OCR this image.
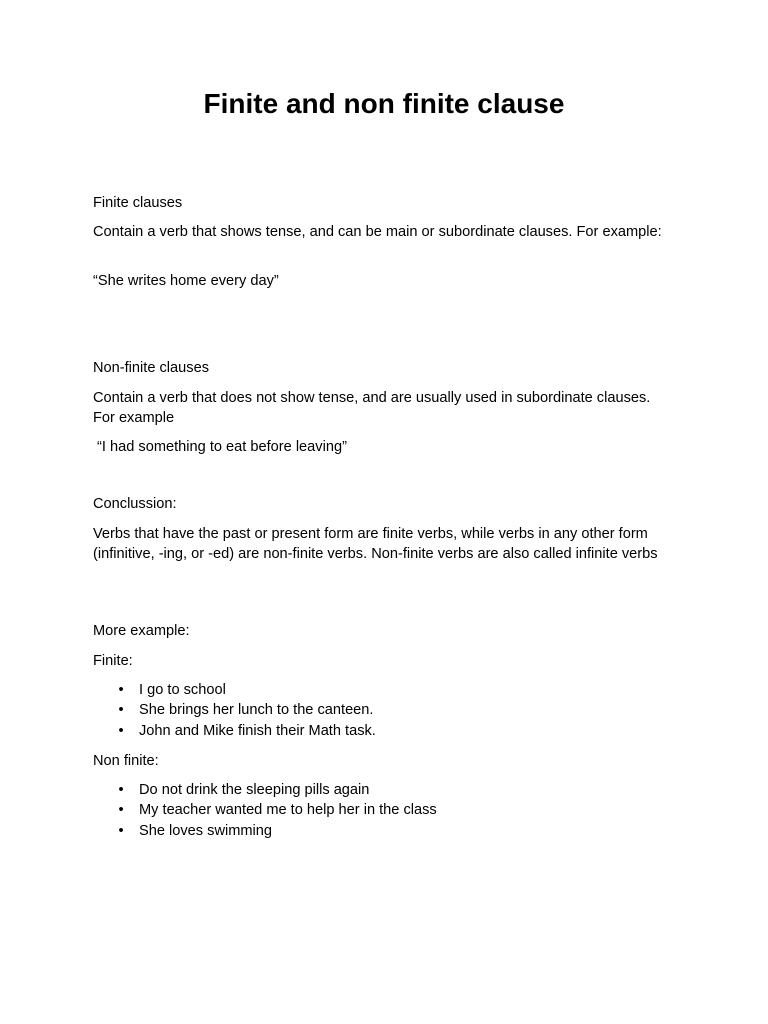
Finite and non finite clause

Finite clauses

Contain a verb that shows tense, and can be main or subordinate clauses. For example:

“She writes home every day”

Non-finite clauses

Contain a verb that does not show tense, and are usually used in subordinate clauses. For example

“I had something to eat before leaving”

Conclussion:

Verbs that have the past or present form are finite verbs, while verbs in any other form (infinitive, -ing, or -ed) are non-finite verbs. Non-finite verbs are also called infinite verbs

More example:

Finite:

• I go to school
• She brings her lunch to the canteen.
• John and Mike finish their Math task.

Non finite:

• Do not drink the sleeping pills again
• My teacher wanted me to help her in the class
• She loves swimming
